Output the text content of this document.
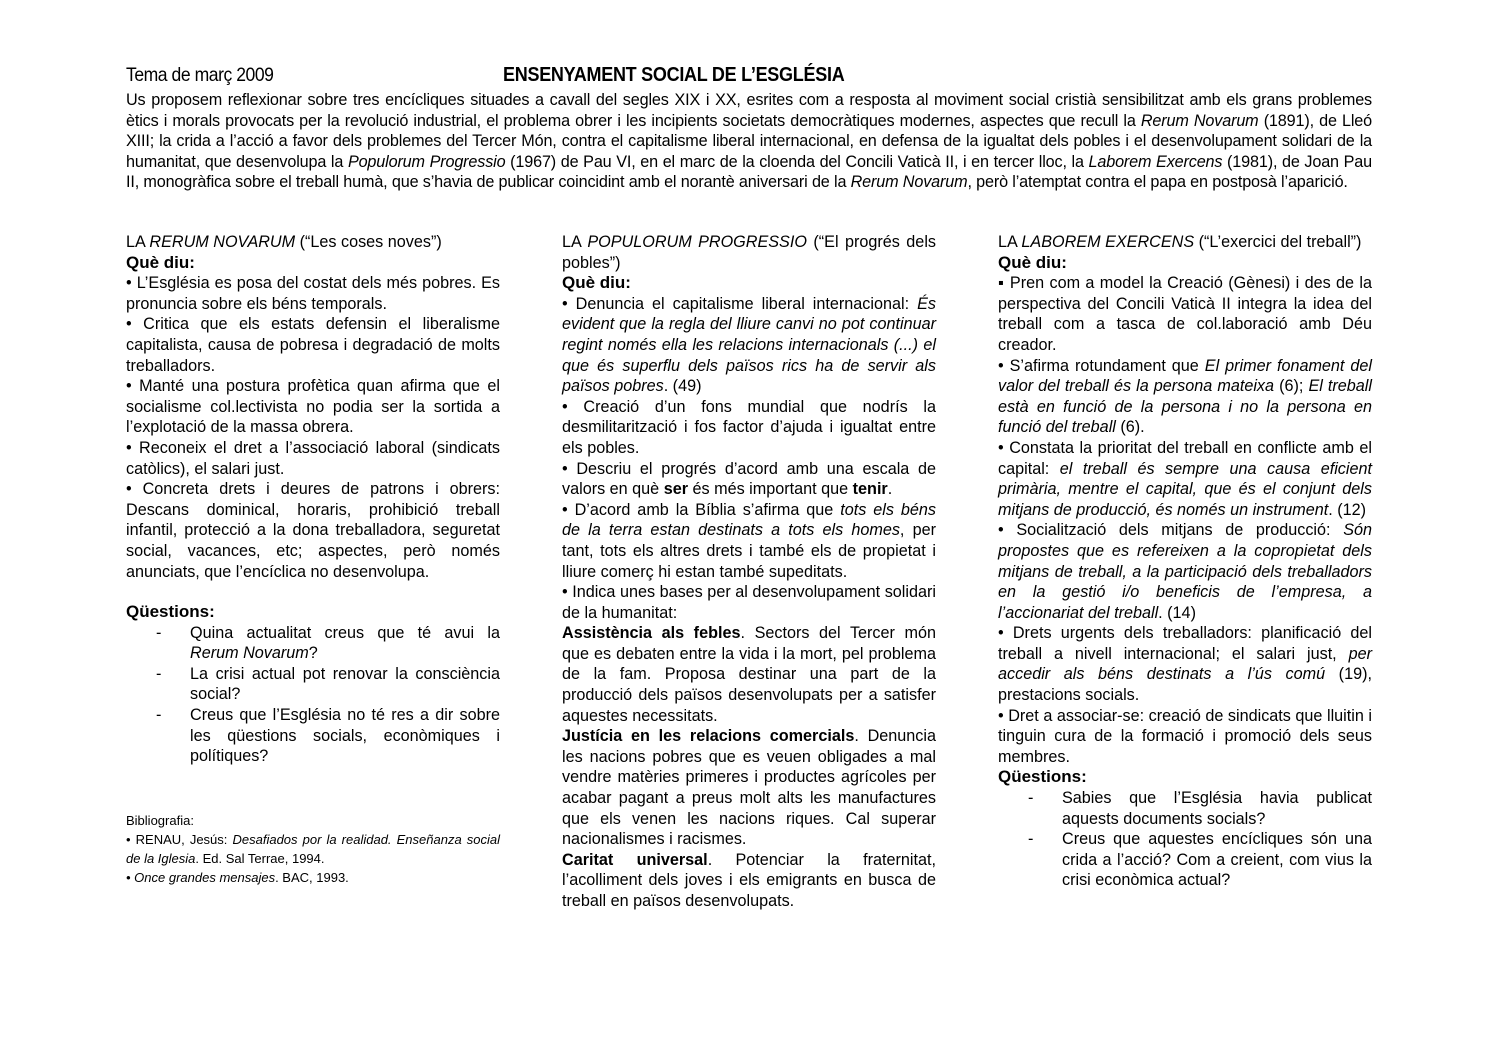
Tema de març 2009	ENSENYAMENT SOCIAL DE L’ESGLÉSIA
Us proposem reflexionar sobre tres encícliques situades a cavall del segles XIX i XX, esrites com a resposta al moviment social cristià sensibilitzat amb els grans problemes ètics i morals provocats per la revolució industrial, el problema obrer i les incipients societats democràtiques modernes, aspectes que recull la Rerum Novarum (1891), de Lleó XIII; la crida a l’acció a favor dels problemes del Tercer Món, contra el capitalisme liberal internacional, en defensa de la igualtat dels pobles i el desenvolupament solidari de la humanitat, que desenvolupa la Populorum Progressio (1967) de Pau VI, en el marc de la cloenda del Concili Vaticà II, i en tercer lloc, la Laborem Exercens (1981), de Joan Pau II, monogràfica sobre el treball humà, que s’havia de publicar coincidint amb el norantè aniversari de la Rerum Novarum, però l’atemptat contra el papa en postposà l’aparició.

LA RERUM NOVARUM (“Les coses noves”)

Què diu:

• L’Església es posa del costat dels més pobres. Es pronuncia sobre els béns temporals.

• Critica que els estats defensin el liberalisme capitalista, causa de pobresa i degradació de molts treballadors.

• Manté una postura profètica quan afirma que el socialisme col.lectivista no podia ser la sortida a l’explotació de la massa obrera.

• Reconeix el dret a l’associació laboral (sindicats catòlics), el salari just.

• Concreta drets i deures de patrons i obrers: Descans dominical, horaris, prohibició treball infantil, protecció a la dona treballadora, seguretat social, vacances, etc; aspectes, però només anunciats, que l’encíclica no desenvolupa.

Qüestions:

- Quina actualitat creus que té avui la Rerum Novarum?
- La crisi actual pot renovar la consciència social?
- Creus que l’Església no té res a dir sobre les qüestions socials, econòmiques i polítiques?

Bibliografia:

• RENAU, Jesús: Desafiados por la realidad. Enseñanza social de la Iglesia. Ed. Sal Terrae, 1994.

• Once grandes mensajes. BAC, 1993.

LA POPULORUM PROGRESSIO (“El progrés dels pobles”)

Què diu:

• Denuncia el capitalisme liberal internacional: És evident que la regla del lliure canvi no pot continuar regint només ella les relacions internacionals (...) el que és superflu dels països rics ha de servir als països pobres. (49)

• Creació d’un fons mundial que nodrís la desmilitarització i fos factor d’ajuda i igualtat entre els pobles.

• Descriu el progrés d’acord amb una escala de valors en què ser és més important que tenir.

• D’acord amb la Bíblia s’afirma que tots els béns de la terra estan destinats a tots els homes, per tant, tots els altres drets i també els de propietat i lliure comerç hi estan també supeditats.

• Indica unes bases per al desenvolupament solidari de la humanitat:

Assistència als febles. Sectors del Tercer món que es debaten entre la vida i la mort, pel problema de la fam. Proposa destinar una part de la producció dels països desenvolupats per a satisfer aquestes necessitats.

Justícia en les relacions comercials. Denuncia les nacions pobres que es veuen obligades a mal vendre matèries primeres i productes agrícoles per acabar pagant a preus molt alts les manufactures que els venen les nacions riques. Cal superar nacionalismes i racismes.

Caritat universal. Potenciar la fraternitat, l’acolliment dels joves i els emigrants en busca de treball en països desenvolupats.

LA LABOREM EXERCENS (“L’exercici del treball”)

Què diu:

▪ Pren com a model la Creació (Gènesi) i des de la perspectiva del Concili Vaticà II integra la idea del treball com a tasca de col.laboració amb Déu creador.

• S’afirma rotundament que El primer fonament del valor del treball és la persona mateixa (6); El treball està en funció de la persona i no la persona en funció del treball (6).

• Constata la prioritat del treball en conflicte amb el capital: el treball és sempre una causa eficient primària, mentre el capital, que és el conjunt dels mitjans de producció, és només un instrument. (12)

• Socialització dels mitjans de producció: Són propostes que es refereixen a la copropietat dels mitjans de treball, a la participació dels treballadors en la gestió i/o beneficis de l’empresa, a l’accionariat del treball. (14)

• Drets urgents dels treballadors: planificació del treball a nivell internacional; el salari just, per accedir als béns destinats a l’ús comú (19), prestacions socials.

• Dret a associar-se: creació de sindicats que lluitin i tinguin cura de la formació i promoció dels seus membres.

Qüestions:

- Sabies que l’Església havia publicat aquests documents socials?
- Creus que aquestes encícliques són una crida a l’acció? Com a creient, com vius la crisi econòmica actual?
